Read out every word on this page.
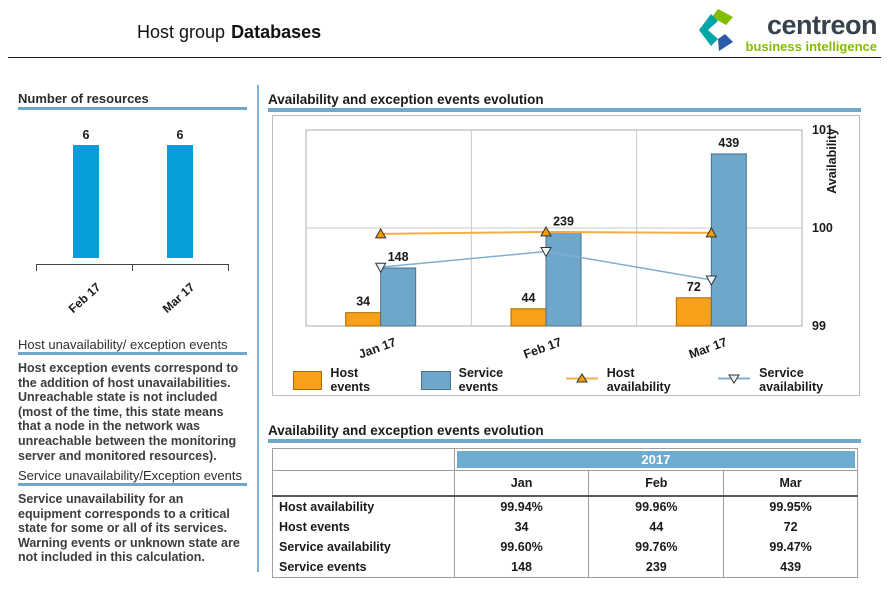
Host group Databases	centreon
business intelligence
Number of resources
6
Feb 17
6
Mar 17
Host unavailability/ exception events
Host exception events correspond to the addition of host unavailabilities. Unreachable state is not included (most of the time, this state means that a node in the network was unreachable between the monitoring server and monitored resources).
Service unavailability/Exception events
Service unavailability for an equipment corresponds to a critical state for some or all of its services. Warning events or unknown state are not included in this calculation.
Availability and exception events evolution
101
100
99
Availability
34
148
Jan 17
44
239
Feb 17
72
439
Mar 17
Host events
Service events
Host availability
Service availability
Availability and exception events evolution

	2017		

	Jan	Feb	Mar
Host availability	99.94%	99.96%	99.95%
Host events	34	44	72
Service availability	99.60%	99.76%	99.47%
Service events	148	239	439
